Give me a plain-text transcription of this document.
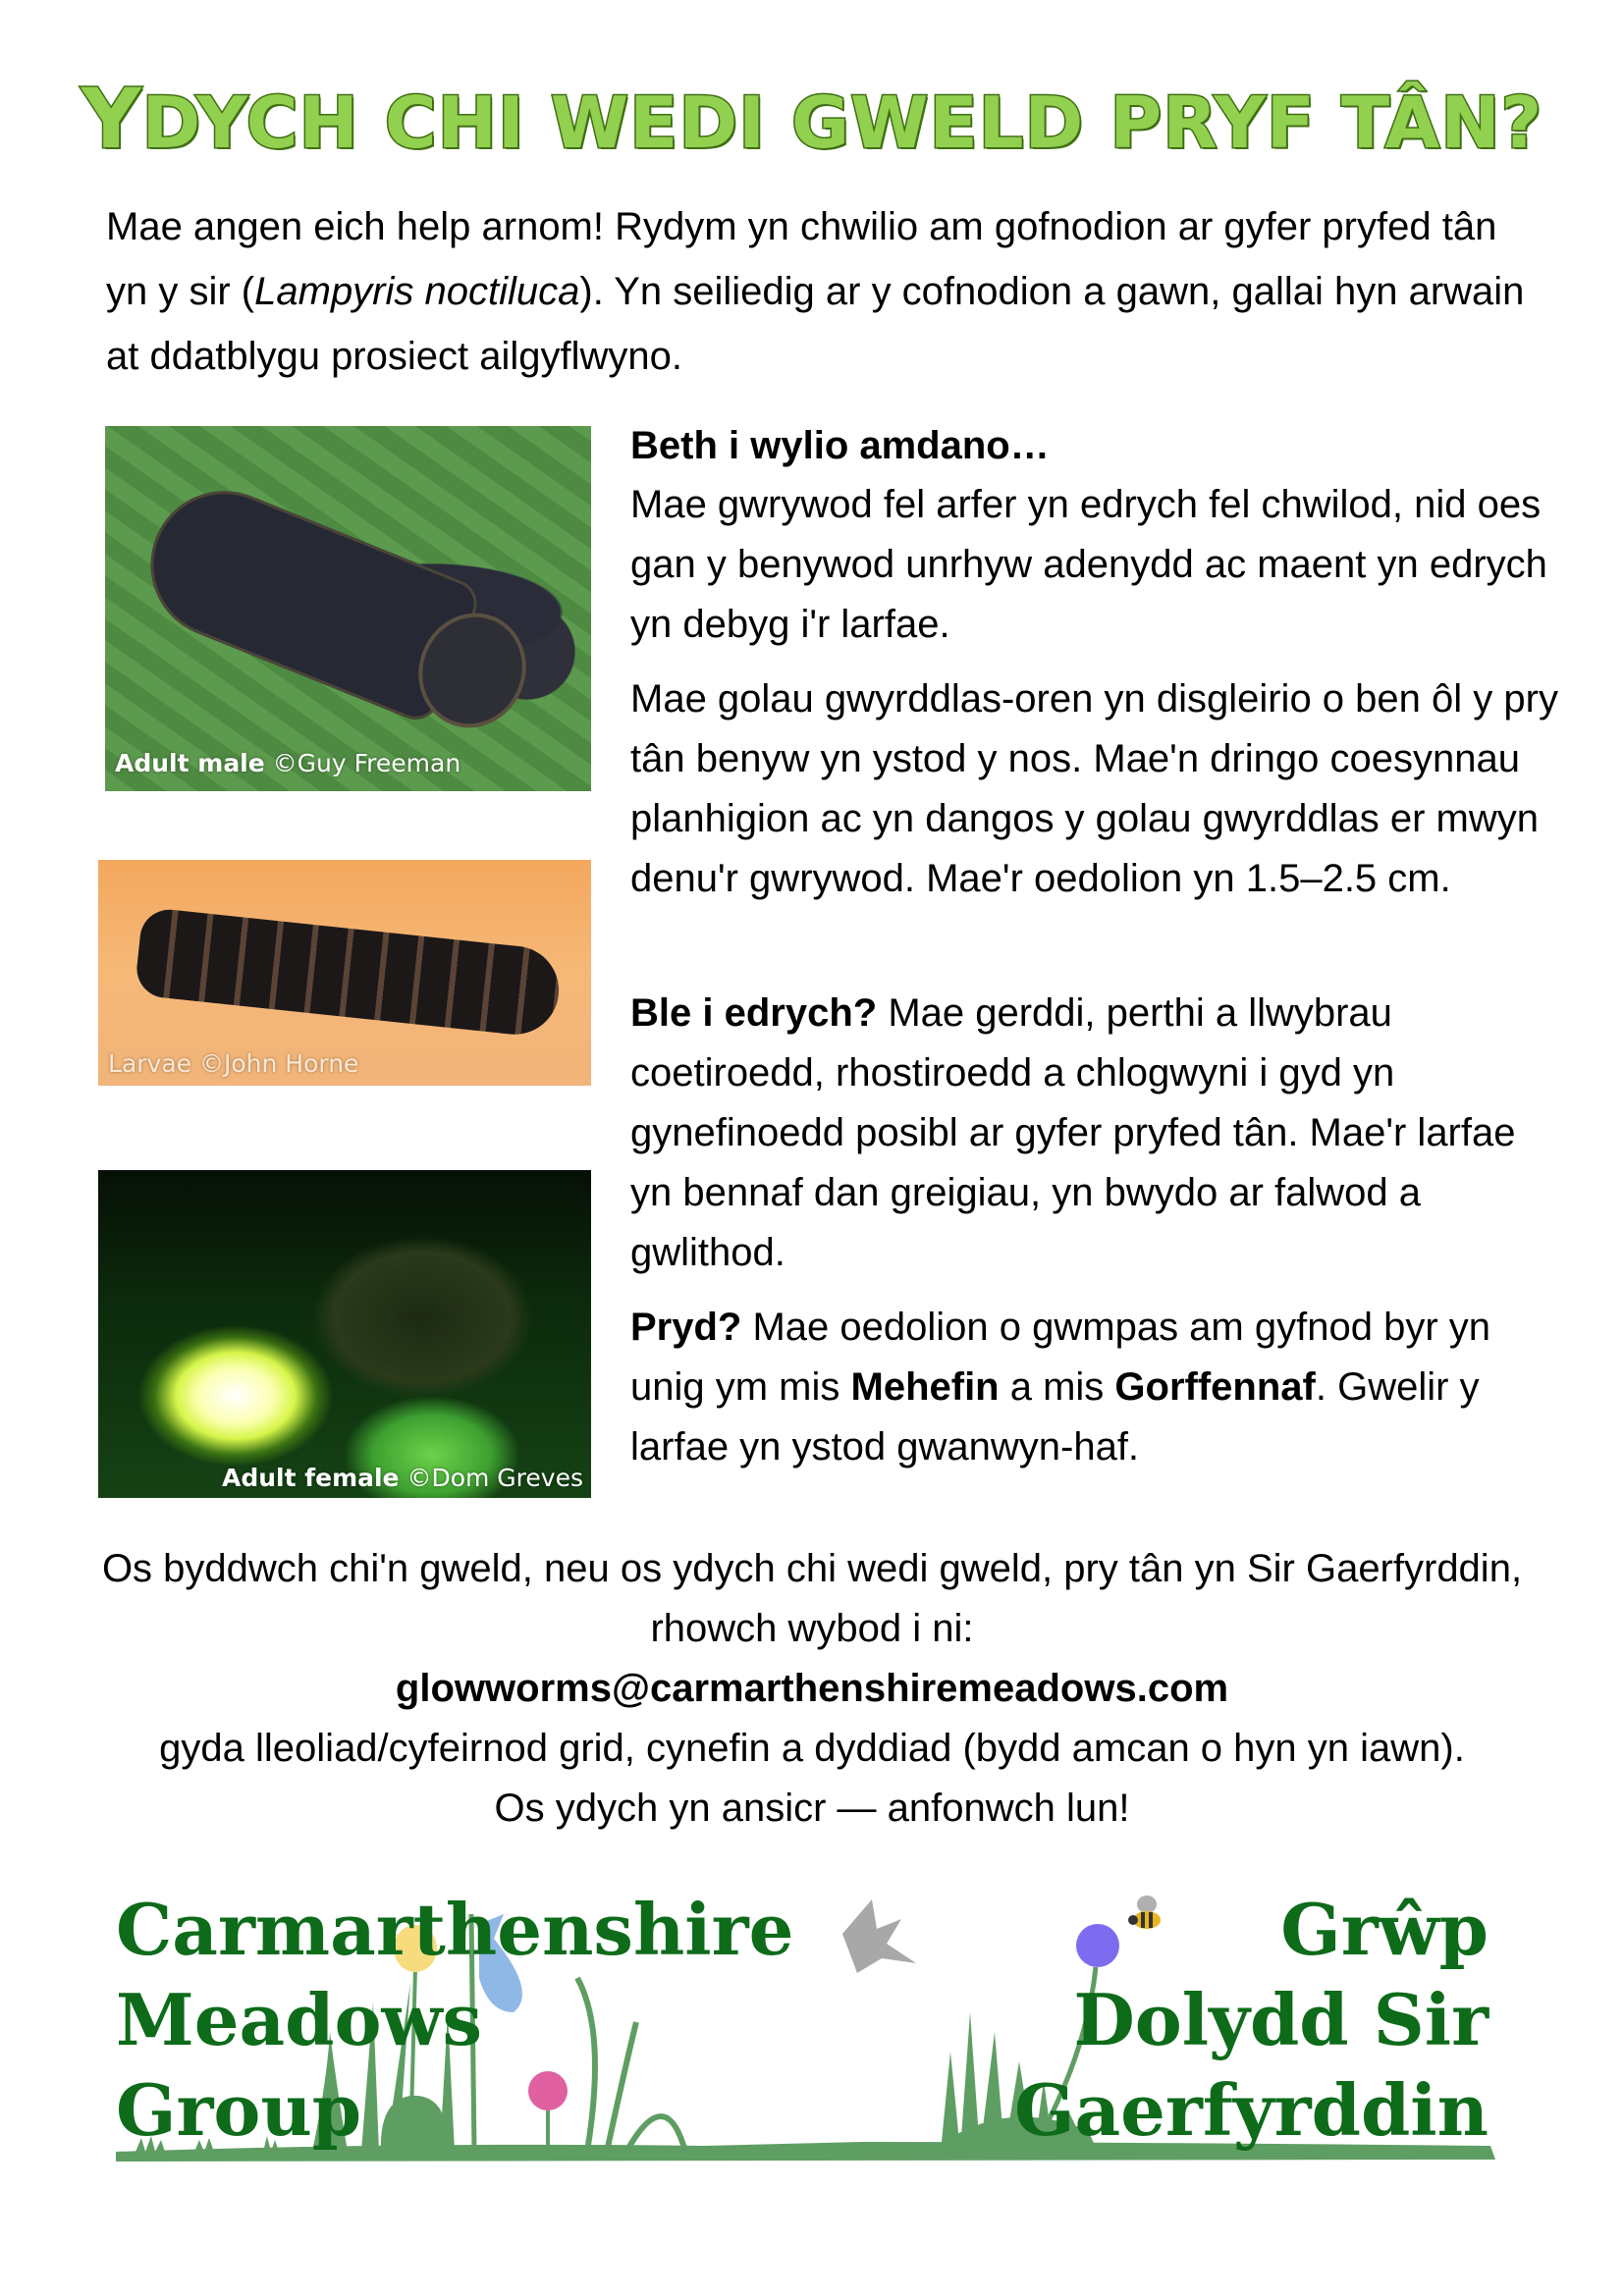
YDYCH CHI WEDI GWELD PRYF TÂN?
Mae angen eich help arnom! Rydym yn chwilio am gofnodion ar gyfer pryfed tân yn y sir (Lampyris noctiluca). Yn seiliedig ar y cofnodion a gawn, gallai hyn arwain at ddatblygu prosiect ailgyflwyno.
Adult male ©Guy Freeman
Larvae ©John Horne
Adult female ©Dom Greves
Beth i wylio amdano…
Mae gwrywod fel arfer yn edrych fel chwilod, nid oes gan y benywod unrhyw adenydd ac maent yn edrych yn debyg i'r larfae.
Mae golau gwyrddlas-oren yn disgleirio o ben ôl y pry tân benyw yn ystod y nos. Mae'n dringo coesynnau planhigion ac yn dangos y golau gwyrddlas er mwyn denu'r gwrywod. Mae'r oedolion yn 1.5–2.5 cm.
Ble i edrych? Mae gerddi, perthi a llwybrau coetiroedd, rhostiroedd a chlogwyni i gyd yn gynefinoedd posibl ar gyfer pryfed tân. Mae'r larfae yn bennaf dan greigiau, yn bwydo ar falwod a gwlithod.
Pryd? Mae oedolion o gwmpas am gyfnod byr yn unig ym mis Mehefin a mis Gorffennaf. Gwelir y larfae yn ystod gwanwyn-haf.
Os byddwch chi'n gweld, neu os ydych chi wedi gweld, pry tân yn Sir Gaerfyrddin, rhowch wybod i ni:
glowworms@carmarthenshiremeadows.com
gyda lleoliad/cyfeirnod grid, cynefin a dyddiad (bydd amcan o hyn yn iawn).
Os ydych yn ansicr — anfonwch lun!
Carmarthenshire
Meadows
Group
Grŵp
Dolydd Sir
Gaerfyrddin
